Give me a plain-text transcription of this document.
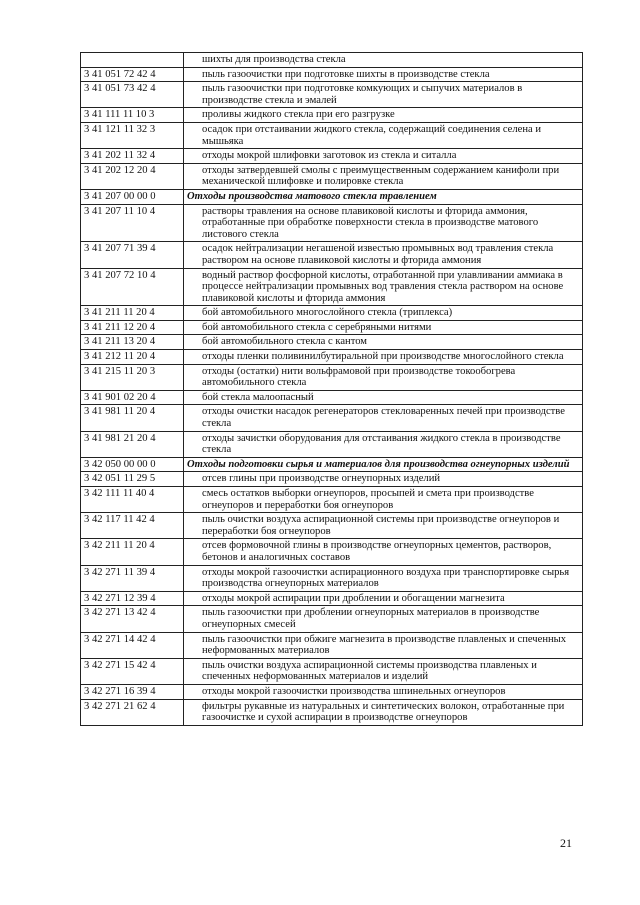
	шихты для производства стекла
3 41 051 72 42 4	пыль газоочистки при подготовке шихты в производстве стекла
3 41 051 73 42 4	пыль газоочистки при подготовке комкующих и сыпучих материалов в производстве стекла и эмалей
3 41 111 11 10 3	проливы жидкого стекла при его разгрузке
3 41 121 11 32 3	осадок при отстаивании жидкого стекла, содержащий соединения селена и мышьяка
3 41 202 11 32 4	отходы мокрой шлифовки заготовок из стекла и ситалла
3 41 202 12 20 4	отходы затвердевшей смолы с преимущественным содержанием канифоли при механической шлифовке и полировке стекла
3 41 207 00 00 0	Отходы производства матового стекла травлением
3 41 207 11 10 4	растворы травления на основе плавиковой кислоты и фторида аммония, отработанные при обработке поверхности стекла в производстве матового листового стекла
3 41 207 71 39 4	осадок нейтрализации негашеной известью промывных вод травления стекла раствором на основе плавиковой кислоты и фторида аммония
3 41 207 72 10 4	водный раствор фосфорной кислоты, отработанной при улавливании аммиака в процессе нейтрализации промывных вод травления стекла раствором на основе плавиковой кислоты и фторида аммония
3 41 211 11 20 4	бой автомобильного многослойного стекла (триплекса)
3 41 211 12 20 4	бой автомобильного стекла с серебряными нитями
3 41 211 13 20 4	бой автомобильного стекла с кантом
3 41 212 11 20 4	отходы пленки поливинилбутиральной при производстве многослойного стекла
3 41 215 11 20 3	отходы (остатки) нити вольфрамовой при производстве токообогрева автомобильного стекла
3 41 901 02 20 4	бой стекла малоопасный
3 41 981 11 20 4	отходы очистки насадок регенераторов стекловаренных печей при производстве стекла
3 41 981 21 20 4	отходы зачистки оборудования для отстаивания жидкого стекла в производстве стекла
3 42 050 00 00 0	Отходы подготовки сырья и материалов для производства огнеупорных изделий
3 42 051 11 29 5	отсев глины при производстве огнеупорных изделий
3 42 111 11 40 4	смесь остатков выборки огнеупоров, просыпей и смета при производстве огнеупоров и переработки боя огнеупоров
3 42 117 11 42 4	пыль очистки воздуха аспирационной системы при производстве огнеупоров и переработки боя огнеупоров
3 42 211 11 20 4	отсев формовочной глины в производстве огнеупорных цементов, растворов, бетонов и аналогичных составов
3 42 271 11 39 4	отходы мокрой газоочистки аспирационного воздуха при транспортировке сырья производства огнеупорных материалов
3 42 271 12 39 4	отходы мокрой аспирации при дроблении и обогащении магнезита
3 42 271 13 42 4	пыль газоочистки при дроблении огнеупорных материалов в производстве огнеупорных смесей
3 42 271 14 42 4	пыль газоочистки при обжиге магнезита в производстве плавленых и спеченных неформованных материалов
3 42 271 15 42 4	пыль очистки воздуха аспирационной системы производства плавленых и спеченных неформованных материалов и изделий
3 42 271 16 39 4	отходы мокрой газоочистки производства шпинельных огнеупоров
3 42 271 21 62 4	фильтры рукавные из натуральных и синтетических волокон, отработанные при газоочистке и сухой аспирации в производстве огнеупоров
21
